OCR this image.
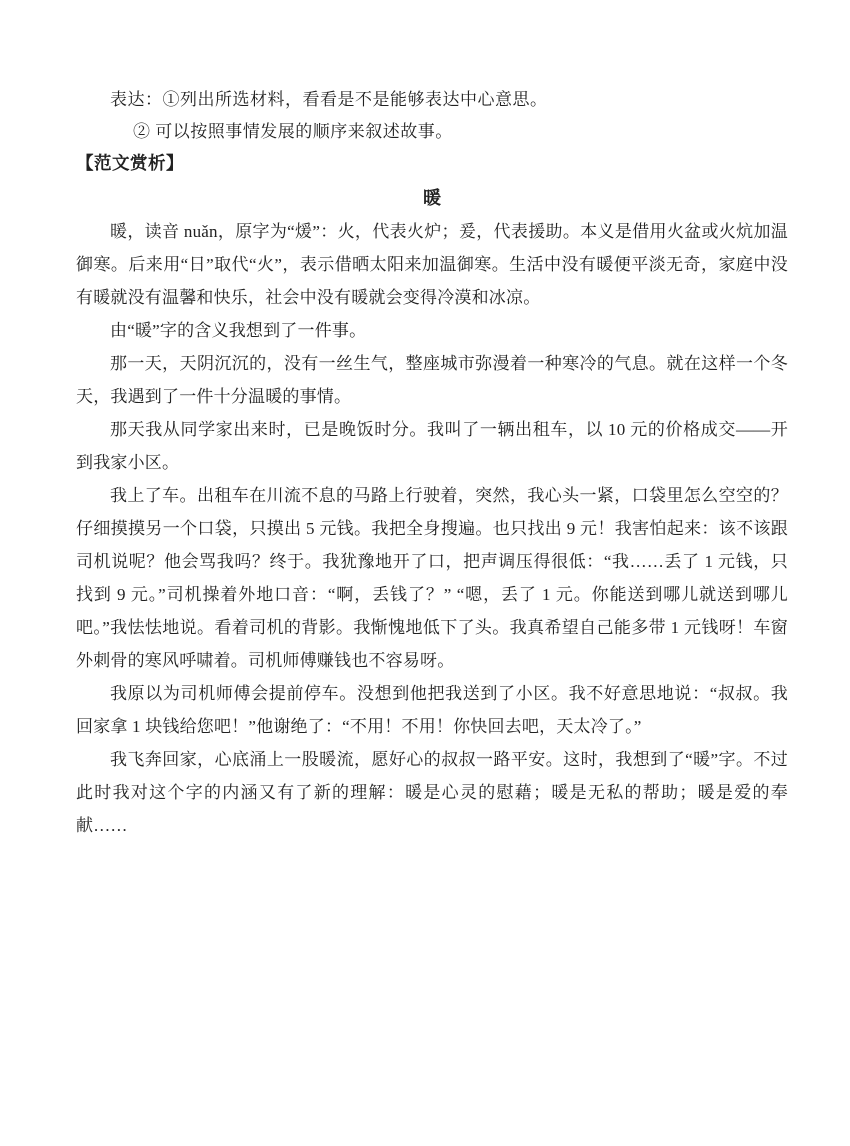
表达：①列出所选材料，看看是不是能够表达中心意思。

② 可以按照事情发展的顺序来叙述故事。

【范文赏析】
暖

暖，读音 nuǎn，原字为“煖”：火，代表火炉；爰，代表援助。本义是借用火盆或火炕加温御寒。后来用“日”取代“火”，表示借晒太阳来加温御寒。生活中没有暖便平淡无奇，家庭中没有暖就没有温馨和快乐，社会中没有暖就会变得冷漠和冰凉。

由“暖”字的含义我想到了一件事。

那一天，天阴沉沉的，没有一丝生气，整座城市弥漫着一种寒冷的气息。就在这样一个冬天，我遇到了一件十分温暖的事情。

那天我从同学家出来时，已是晚饭时分。我叫了一辆出租车，以 10 元的价格成交——开到我家小区。

我上了车。出租车在川流不息的马路上行驶着，突然，我心头一紧，口袋里怎么空空的？仔细摸摸另一个口袋，只摸出 5 元钱。我把全身搜遍。也只找出 9 元！我害怕起来：该不该跟司机说呢？他会骂我吗？终于。我犹豫地开了口，把声调压得很低：“我……丢了 1 元钱，只找到 9 元。”司机操着外地口音：“啊，丢钱了？” “嗯，丢了 1 元。你能送到哪儿就送到哪儿吧。”我怯怯地说。看着司机的背影。我惭愧地低下了头。我真希望自己能多带 1 元钱呀！车窗外刺骨的寒风呼啸着。司机师傅赚钱也不容易呀。

我原以为司机师傅会提前停车。没想到他把我送到了小区。我不好意思地说：“叔叔。我回家拿 1 块钱给您吧！”他谢绝了：“不用！不用！你快回去吧，天太冷了。”

我飞奔回家，心底涌上一股暖流，愿好心的叔叔一路平安。这时，我想到了“暖”字。不过此时我对这个字的内涵又有了新的理解：暖是心灵的慰藉；暖是无私的帮助；暖是爱的奉献……
